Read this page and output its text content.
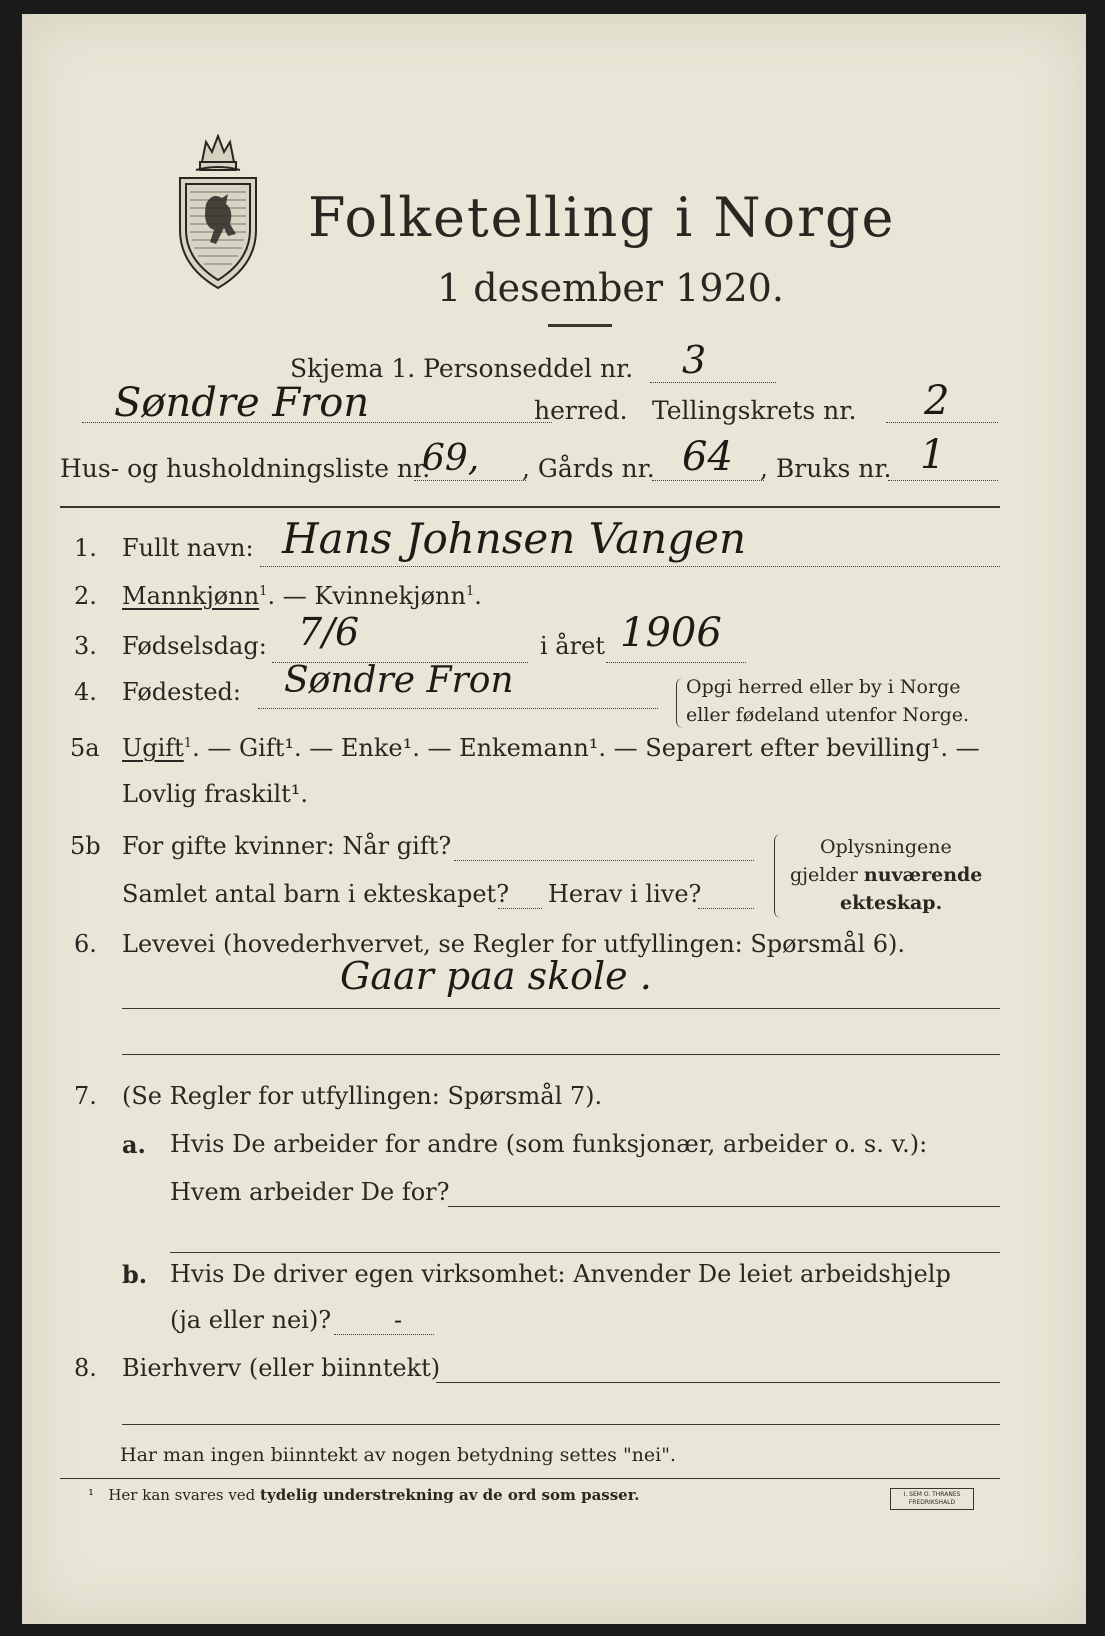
Folketelling i Norge
1 desember 1920.
Skjema 1. Personseddel nr. 3
Søndre Fron	herred. Tellingskrets nr. 2
Hus- og husholdningsliste nr.
69, , Gårds nr. 64 , Bruks nr. 1
1. Fullt navn: Hans Johnsen Vangen
2. Mannkjønn$^1$. — Kvinnekjønn$^1$.
3. Fødselsdag: 7/6	i året 1906
4. Fødested: Søndre Fron	Opgi herred eller by i Norge
eller fødeland utenfor Norge.
5a Ugift$^1$. — Gift¹. — Enke¹. — Enkemann¹. — Separert efter bevilling¹. —
Lovlig fraskilt¹.
5b For gifte kvinner: Når gift?
Samlet antal barn i ekteskapet? Herav i live?
Oplysningene
gjelder nuværende
ekteskap.
6. Levevei (hovederhvervet, se Regler for utfyllingen: Spørsmål 6).
Gaar paa skole .
7. (Se Regler for utfyllingen: Spørsmål 7).
a. Hvis De arbeider for andre (som funksjonær, arbeider o. s. v.):
Hvem arbeider De for?
b. Hvis De driver egen virksomhet: Anvender De leiet arbeidshjelp
(ja eller nei)?	-
8. Bierhverv (eller biinntekt)
Har man ingen biinntekt av nogen betydning settes "nei".
¹ Her kan svares ved tydelig understrekning av de ord som passer.	I. SEM O. THRANES
FREDRIKSHALD
